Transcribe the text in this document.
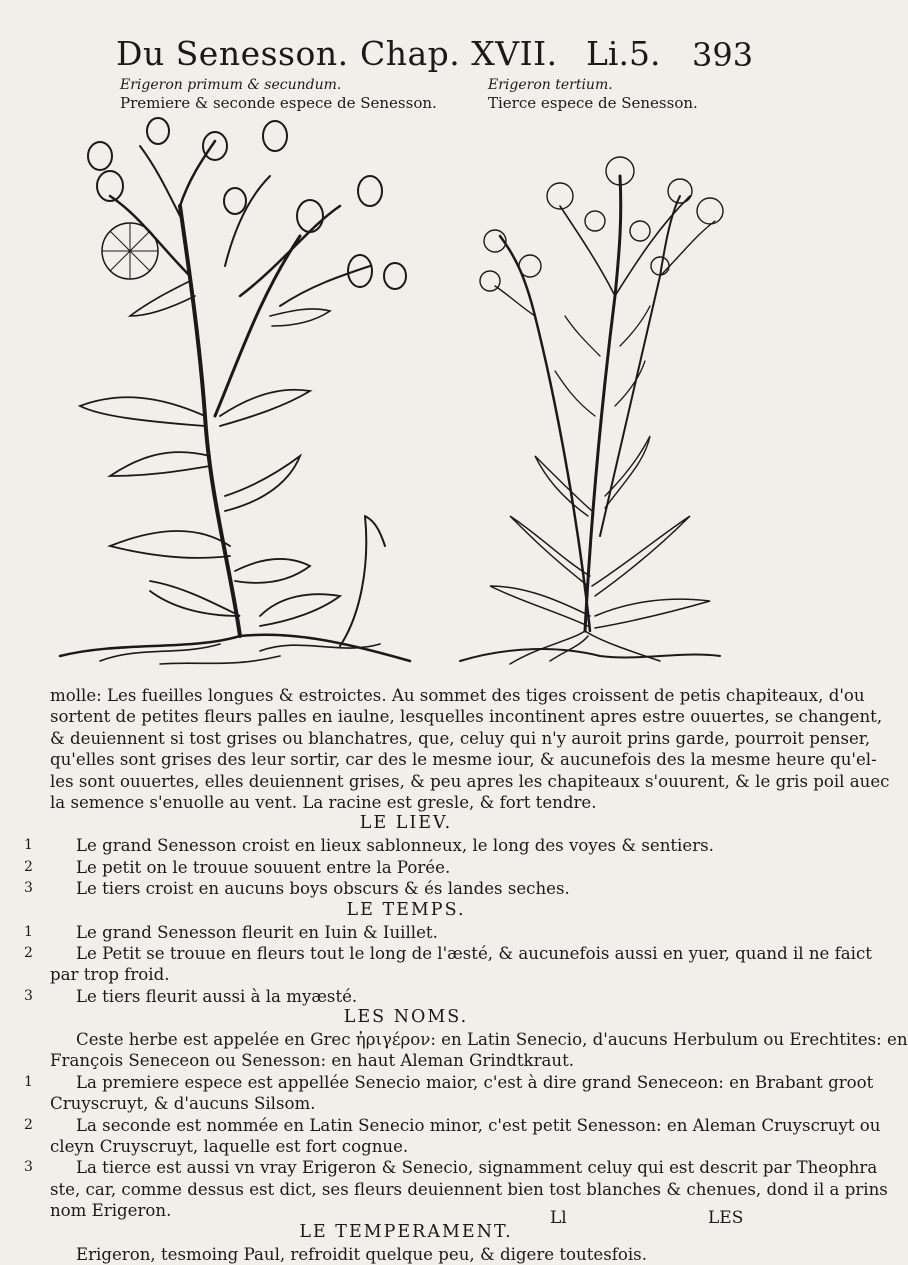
Du Senesson. Chap. XVII. Li.5. 393
Erigeron primum & secundum.
Premiere & seconde espece de Senesson.
Erigeron tertium.
Tierce espece de Senesson.
molle: Les fueilles longues & estroictes. Au sommet des tiges croissent de petis chapiteaux, d'ou
sortent de petites fleurs palles en iaulne, lesquelles incontinent apres estre ouuertes, se changent,
& deuiennent si tost grises ou blanchatres, que, celuy qui n'y auroit prins garde, pourroit penser,
qu'elles sont grises des leur sortir, car des le mesme iour, & aucunefois des la mesme heure qu'el-
les sont ouuertes, elles deuiennent grises, & peu apres les chapiteaux s'ouurent, & le gris poil auec
la semence s'enuolle au vent. La racine est gresle, & fort tendre.
LE LIEV.
1	Le grand Senesson croist en lieux sablonneux, le long des voyes & sentiers.
2	Le petit on le trouue souuent entre la Porée.
3	Le tiers croist en aucuns boys obscurs & és landes seches.
LE TEMPS.
1	Le grand Senesson fleurit en Iuin & Iuillet.
2	Le Petit se trouue en fleurs tout le long de l'æsté, & aucunefois aussi en yuer, quand il ne faict
par trop froid.
3	Le tiers fleurit aussi à la myæsté.
LES NOMS.
Ceste herbe est appelée en Grec ἠριγέρον: en Latin Senecio, d'aucuns Herbulum ou Erechtites: en
François Seneceon ou Senesson: en haut Aleman Grindtkraut.
1	La premiere espece est appellée Senecio maior, c'est à dire grand Seneceon: en Brabant groot
Cruyscruyt, & d'aucuns Silsom.
2	La seconde est nommée en Latin Senecio minor, c'est petit Senesson: en Aleman Cruyscruyt ou
cleyn Cruyscruyt, laquelle est fort cognue.
3	La tierce est aussi vn vray Erigeron & Senecio, signamment celuy qui est descrit par Theophra
ste, car, comme dessus est dict, ses fleurs deuiennent bien tost blanches & chenues, dond il a prins
nom Erigeron.
LE TEMPERAMENT.
Erigeron, tesmoing Paul, refroidit quelque peu, & digere toutesfois.
Ll	LES
